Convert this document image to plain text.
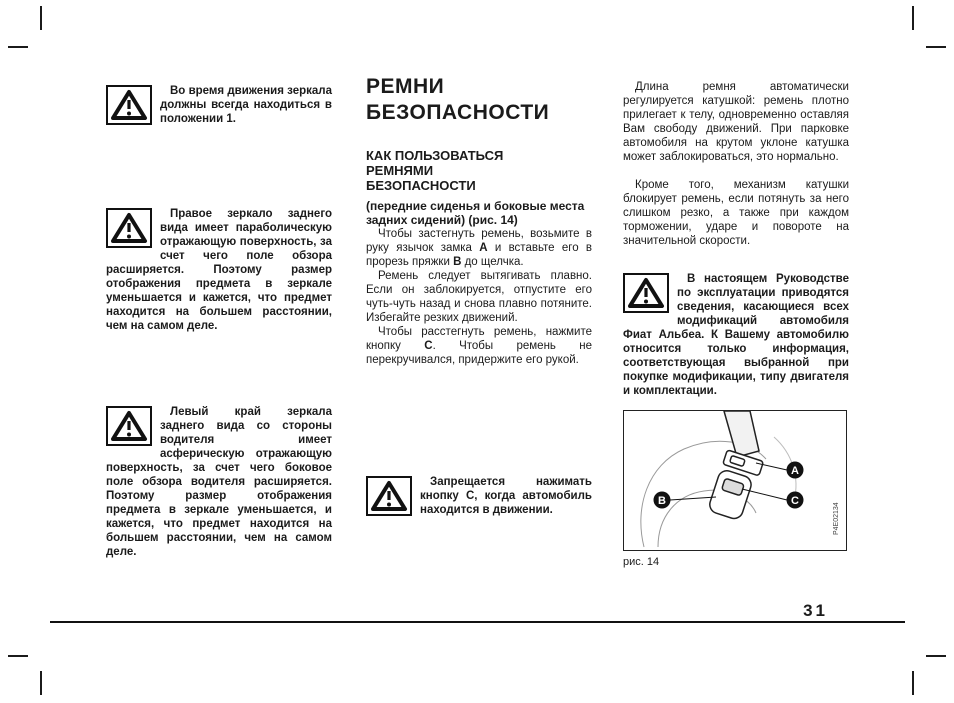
Во время движения зеркала должны всегда находиться в положении 1.

Правое зеркало заднего вида имеет параболическую отражающую поверхность, за счет чего поле обзора расширяется. Поэтому размер отображения предмета в зеркале уменьшается и кажется, что предмет находится на большем расстоянии, чем на самом деле.

Левый край зеркала заднего вида со стороны водителя имеет асферическую отражающую поверхность, за счет чего боковое поле обзора водителя расширяется. Поэтому размер отображения предмета в зеркале уменьшается, и кажется, что предмет находится на большем расстоянии, чем на самом деле.

РЕМНИ БЕЗОПАСНОСТИ
КАК ПОЛЬЗОВАТЬСЯ
РЕМНЯМИ
БЕЗОПАСНОСТИ

(передние сиденья и боковые места задних сидений) (рис. 14)

Чтобы застегнуть ремень, возьмите в руку язычок замка А и вставьте его в прорезь пряжки В до щелчка.

Ремень следует вытягивать плавно. Если он заблокируется, отпустите его чуть-чуть назад и снова плавно потяните. Избегайте резких движений.

Чтобы расстегнуть ремень, нажмите кнопку С. Чтобы ремень не перекручивался, придержите его рукой.

Запрещается нажимать кнопку С, когда автомобиль находится в движении.

Длина ремня автоматически регулируется катушкой: ремень плотно прилегает к телу, одновременно оставляя Вам свободу движений. При парковке автомобиля на крутом уклоне катушка может заблокироваться, это нормально.

Кроме того, механизм катушки блокирует ремень, если потянуть за него слишком резко, а также при каждом торможении, ударе и повороте на значительной скорости.

В настоящем Руководстве по эксплуатации приводятся сведения, касающиеся всех модификаций автомобиля Фиат Альбеа. К Вашему автомобилю относится только информация, соответствующая выбранной при покупке модификации, типу двигателя и комплектации.

A
B	C
P4E02134

рис. 14

31
